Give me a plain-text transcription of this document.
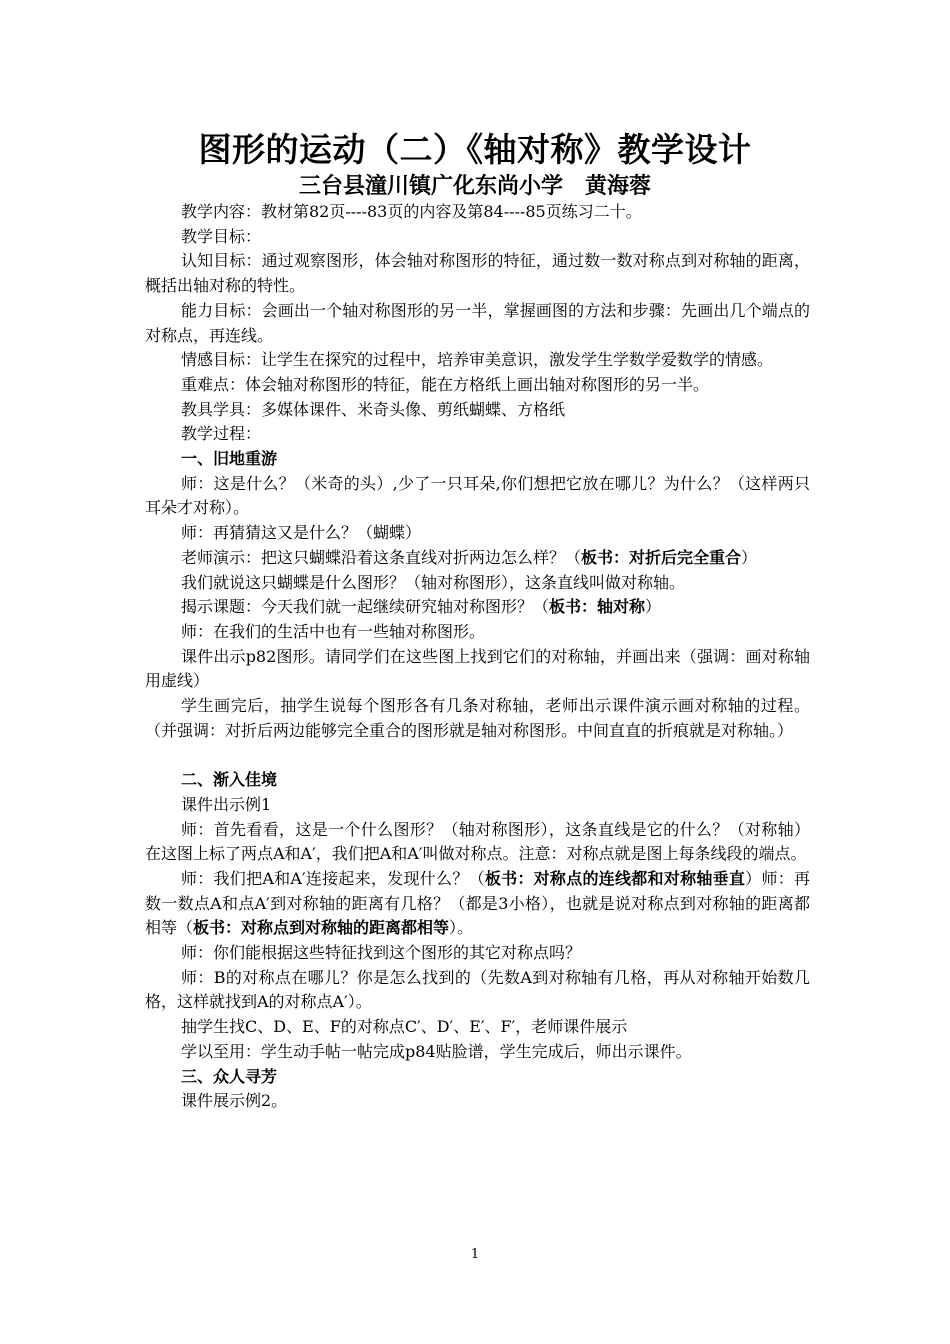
图形的运动（二）《轴对称》教学设计
三台县潼川镇广化东尚小学　黄海蓉

教学内容：教材第82页----83页的内容及第84----85页练习二十。

教学目标：

认知目标：通过观察图形，体会轴对称图形的特征，通过数一数对称点到对称轴的距离，概括出轴对称的特性。

能力目标：会画出一个轴对称图形的另一半，掌握画图的方法和步骤：先画出几个端点的对称点，再连线。

情感目标：让学生在探究的过程中，培养审美意识，激发学生学数学爱数学的情感。

重难点：体会轴对称图形的特征，能在方格纸上画出轴对称图形的另一半。

教具学具：多媒体课件、米奇头像、剪纸蝴蝶、方格纸

教学过程：

一、旧地重游

师：这是什么？（米奇的头）,少了一只耳朵,你们想把它放在哪儿？为什么？（这样两只耳朵才对称）。

师：再猜猜这又是什么？（蝴蝶）

老师演示：把这只蝴蝶沿着这条直线对折两边怎么样？（板书：对折后完全重合）

我们就说这只蝴蝶是什么图形？（轴对称图形），这条直线叫做对称轴。

揭示课题：今天我们就一起继续研究轴对称图形？（板书：轴对称）

师：在我们的生活中也有一些轴对称图形。

课件出示p82图形。请同学们在这些图上找到它们的对称轴，并画出来（强调：画对称轴用虚线）

学生画完后，抽学生说每个图形各有几条对称轴，老师出示课件演示画对称轴的过程。（并强调：对折后两边能够完全重合的图形就是轴对称图形。中间直直的折痕就是对称轴。）

二、渐入佳境

课件出示例1

师：首先看看，这是一个什么图形？（轴对称图形），这条直线是它的什么？（对称轴）在这图上标了两点A和A′，我们把A和A′叫做对称点。注意：对称点就是图上每条线段的端点。

师：我们把A和A′连接起来，发现什么？（板书：对称点的连线都和对称轴垂直）师：再数一数点A和点A′到对称轴的距离有几格？（都是3小格），也就是说对称点到对称轴的距离都相等（板书：对称点到对称轴的距离都相等）。

师：你们能根据这些特征找到这个图形的其它对称点吗？

师：B的对称点在哪儿？你是怎么找到的（先数A到对称轴有几格，再从对称轴开始数几格，这样就找到A的对称点A′）。

抽学生找C、D、E、F的对称点C′、D′、E′、F′，老师课件展示

学以至用：学生动手帖一帖完成p84贴脸谱，学生完成后，师出示课件。

三、众人寻芳

课件展示例2。

1
